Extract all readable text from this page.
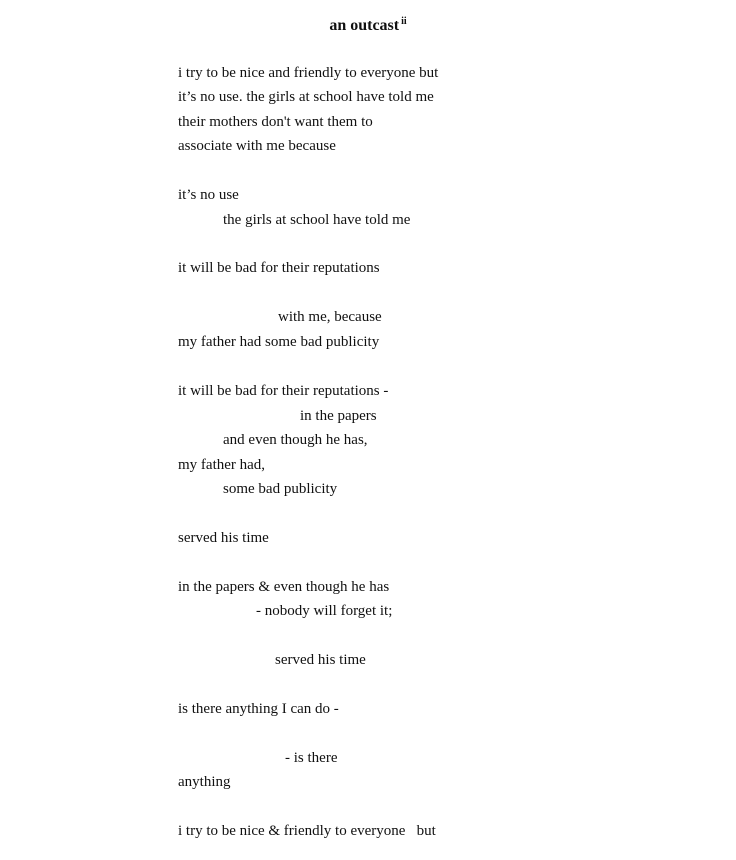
an outcast $^{ii}$
i try to be nice and friendly to everyone but
it’s no use. the girls at school have told me
their mothers don't want them to
associate with me because
it’s no use
the girls at school have told me
it will be bad for their reputations
with me, because
my father had some bad publicity
it will be bad for their reputations -
in the papers
and even though he has,
my father had,
some bad publicity
served his time
in the papers & even though he has
- nobody will forget it;
served his time
is there anything I can do -
- is there
anything
i try to be nice & friendly to everyone   but
